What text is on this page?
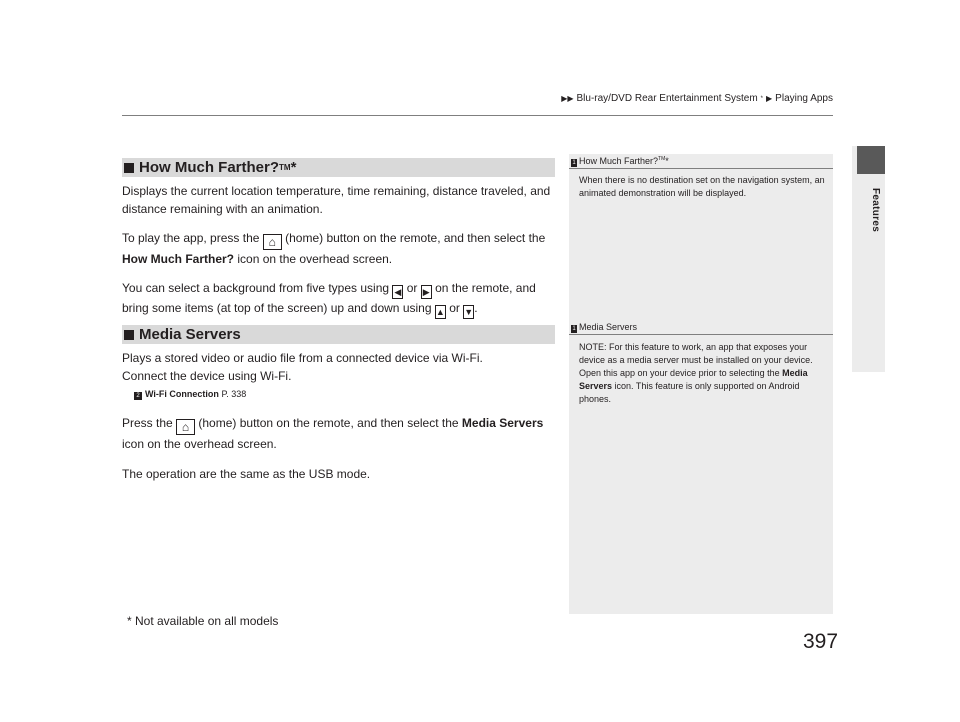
▶▶ Blu-ray/DVD Rear Entertainment System * ▶ Playing Apps
Features
How Much Farther? TM *

Displays the current location temperature, time remaining, distance traveled, and distance remaining with an animation.

To play the app, press the ⌂ (home) button on the remote, and then select the How Much Farther? icon on the overhead screen.

You can select a background from five types using ◀ or ▶ on the remote, and bring some items (at top of the screen) up and down using ▲ or ▼.

Media Servers

Plays a stored video or audio file from a connected device via Wi-Fi.

Connect the device using Wi-Fi.

2 Wi-Fi Connection P. 338

Press the ⌂ (home) button on the remote, and then select the Media Servers icon on the overhead screen.

The operation are the same as the USB mode.

1 How Much Farther?™*
When there is no destination set on the navigation system, an animated demonstration will be displayed.
1 Media Servers
NOTE: For this feature to work, an app that exposes your device as a media server must be installed on your device. Open this app on your device prior to selecting the Media Servers icon. This feature is only supported on Android phones.
* Not available on all models
397
